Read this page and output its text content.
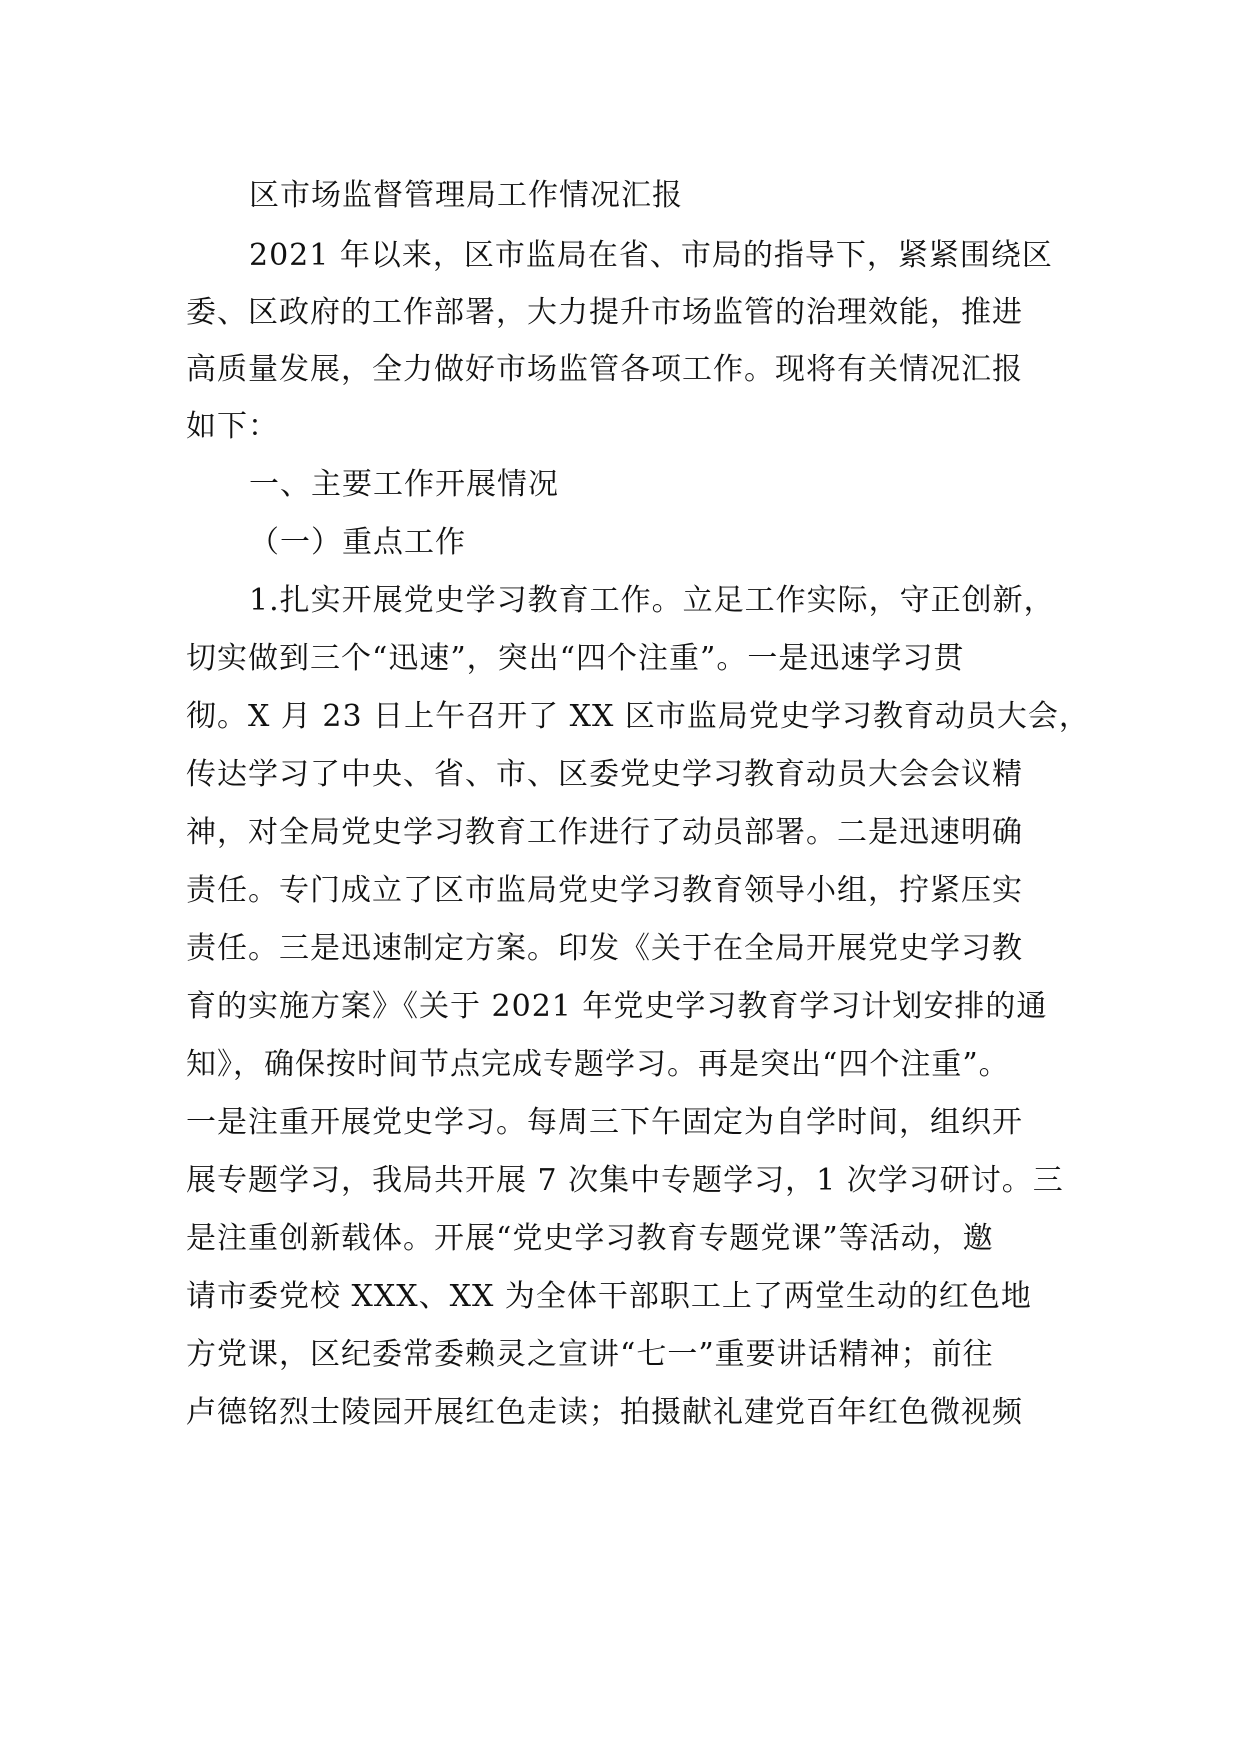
区市场监督管理局工作情况汇报
2021 年以来，区市监局在省、市局的指导下，紧紧围绕区
委、区政府的工作部署，大力提升市场监管的治理效能，推进
高质量发展，全力做好市场监管各项工作。现将有关情况汇报
如下：
一、主要工作开展情况
（一）重点工作
1.扎实开展党史学习教育工作。立足工作实际，守正创新，
切实做到三个“迅速”，突出“四个注重”。一是迅速学习贯
彻。X 月 23 日上午召开了 XX 区市监局党史学习教育动员大会，
传达学习了中央、省、市、区委党史学习教育动员大会会议精
神，对全局党史学习教育工作进行了动员部署。二是迅速明确
责任。专门成立了区市监局党史学习教育领导小组，拧紧压实
责任。三是迅速制定方案。印发《关于在全局开展党史学习教
育的实施方案》《关于 2021 年党史学习教育学习计划安排的通
知》，确保按时间节点完成专题学习。再是突出“四个注重”。
一是注重开展党史学习。每周三下午固定为自学时间，组织开
展专题学习，我局共开展 7 次集中专题学习，1 次学习研讨。三
是注重创新载体。开展“党史学习教育专题党课”等活动，邀
请市委党校 XXX、XX 为全体干部职工上了两堂生动的红色地
方党课，区纪委常委赖灵之宣讲“七一”重要讲话精神；前往
卢德铭烈士陵园开展红色走读；拍摄献礼建党百年红色微视频
